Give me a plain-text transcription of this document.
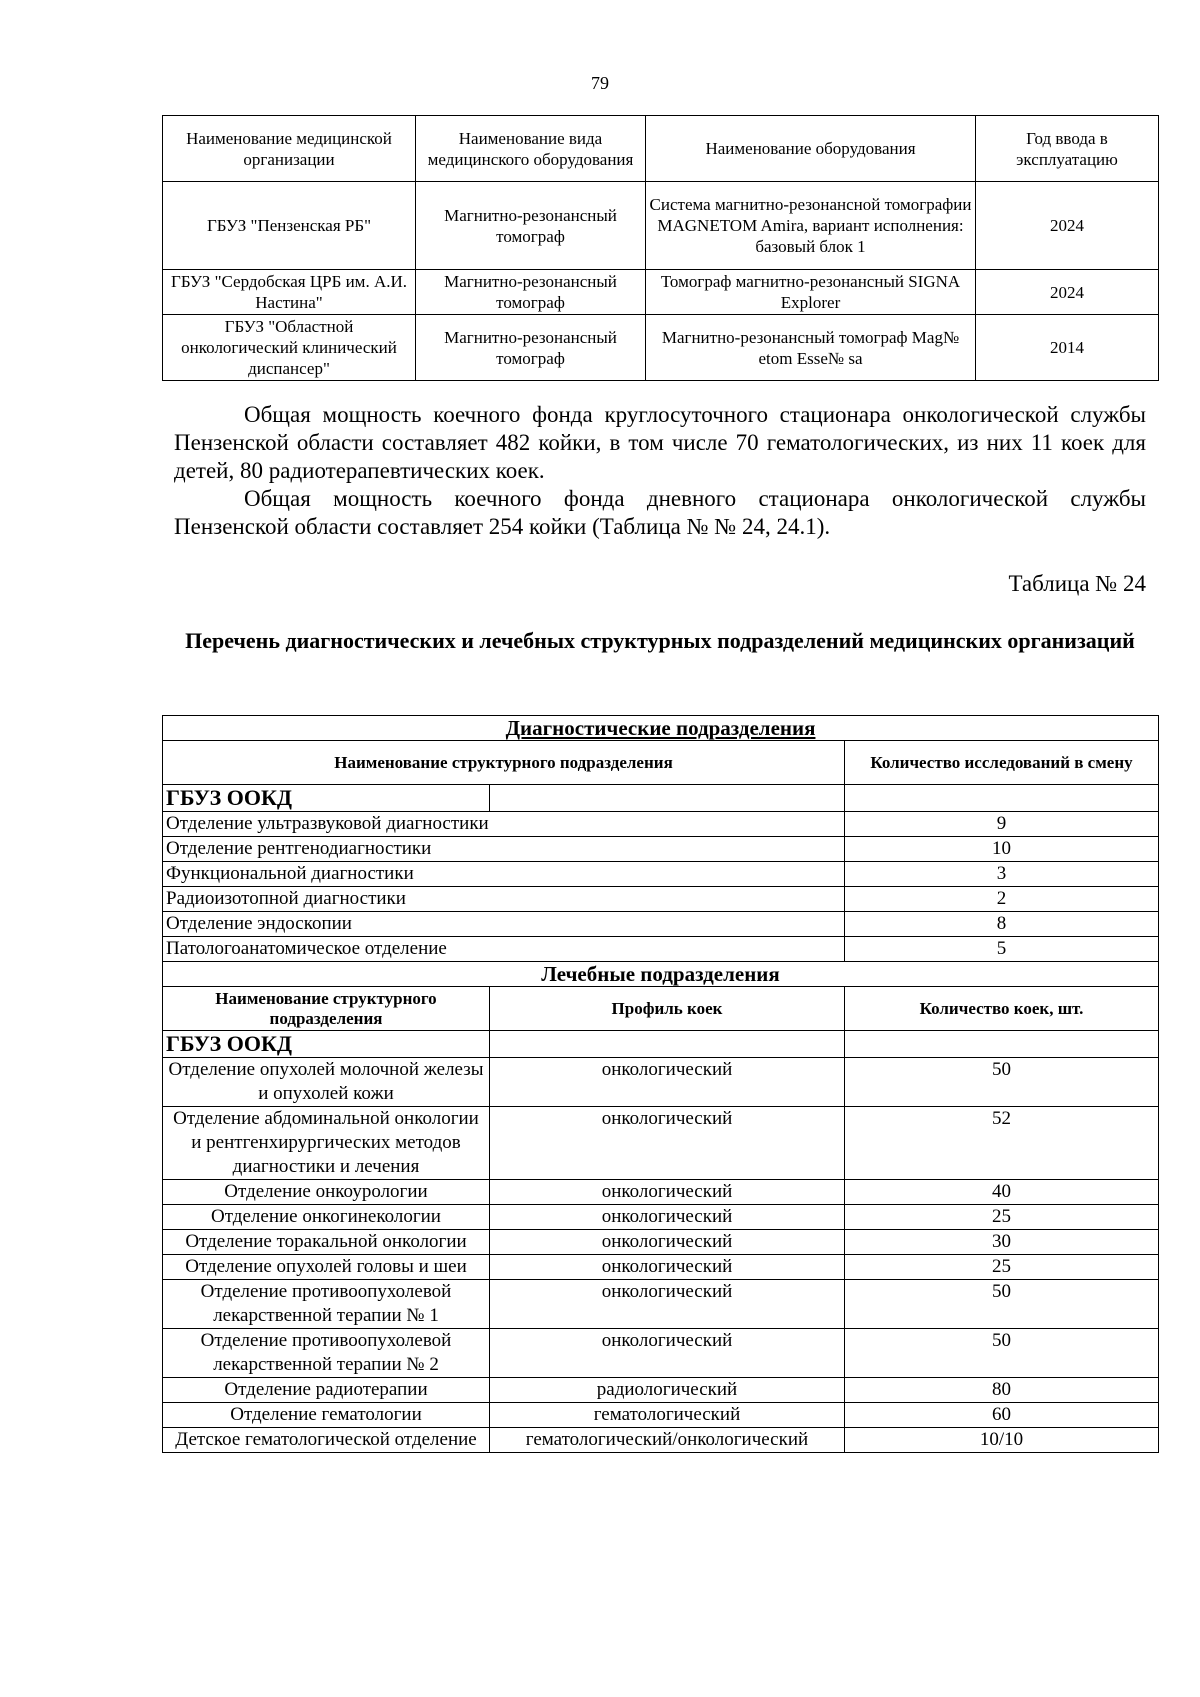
79
Наименование медицинской организации	Наименование вида медицинского оборудования	Наименование оборудования	Год ввода в эксплуатацию
ГБУЗ "Пензенская РБ"	Магнитно-резонансный томограф	Система магнитно-резонансной томографии MAGNETOM Amira, вариант исполнения: базовый блок 1	2024
ГБУЗ "Сердобская ЦРБ им. А.И. Настина"	Магнитно-резонансный томограф	Томограф магнитно-резонансный SIGNA Explorer	2024
ГБУЗ "Областной онкологический клинический диспансер"	Магнитно-резонансный томограф	Магнитно-резонансный томограф Mag№ etom Esse№ sa	2014

Общая мощность коечного фонда круглосуточного стационара онкологической службы Пензенской области составляет 482 койки, в том числе 70 гематологических, из них 11 коек для детей, 80 радиотерапевтических коек.

Общая мощность коечного фонда дневного стационара онкологической службы Пензенской области составляет 254 койки (Таблица № № 24, 24.1).

Таблица № 24
Перечень диагностических и лечебных структурных подразделений медицинских организаций
Диагностические подразделения		
Наименование структурного подразделения		Количество исследований в смену
ГБУЗ ООКД		
Отделение ультразвуковой диагностики		9
Отделение рентгенодиагностики		10
Функциональной диагностики		3
Радиоизотопной диагностики		2
Отделение эндоскопии		8
Патологоанатомическое отделение		5
Лечебные подразделения		
Наименование структурного подразделения	Профиль коек	Количество коек, шт.
ГБУЗ ООКД		
Отделение опухолей молочной железы и опухолей кожи	онкологический	50
Отделение абдоминальной онкологии и рентгенхирургических методов диагностики и лечения	онкологический	52
Отделение онкоурологии	онкологический	40
Отделение онкогинекологии	онкологический	25
Отделение торакальной онкологии	онкологический	30
Отделение опухолей головы и шеи	онкологический	25
Отделение противоопухолевой лекарственной терапии № 1	онкологический	50
Отделение противоопухолевой лекарственной терапии № 2	онкологический	50
Отделение радиотерапии	радиологический	80
Отделение гематологии	гематологический	60
Детское гематологической отделение	гематологический/онкологический	10/10
